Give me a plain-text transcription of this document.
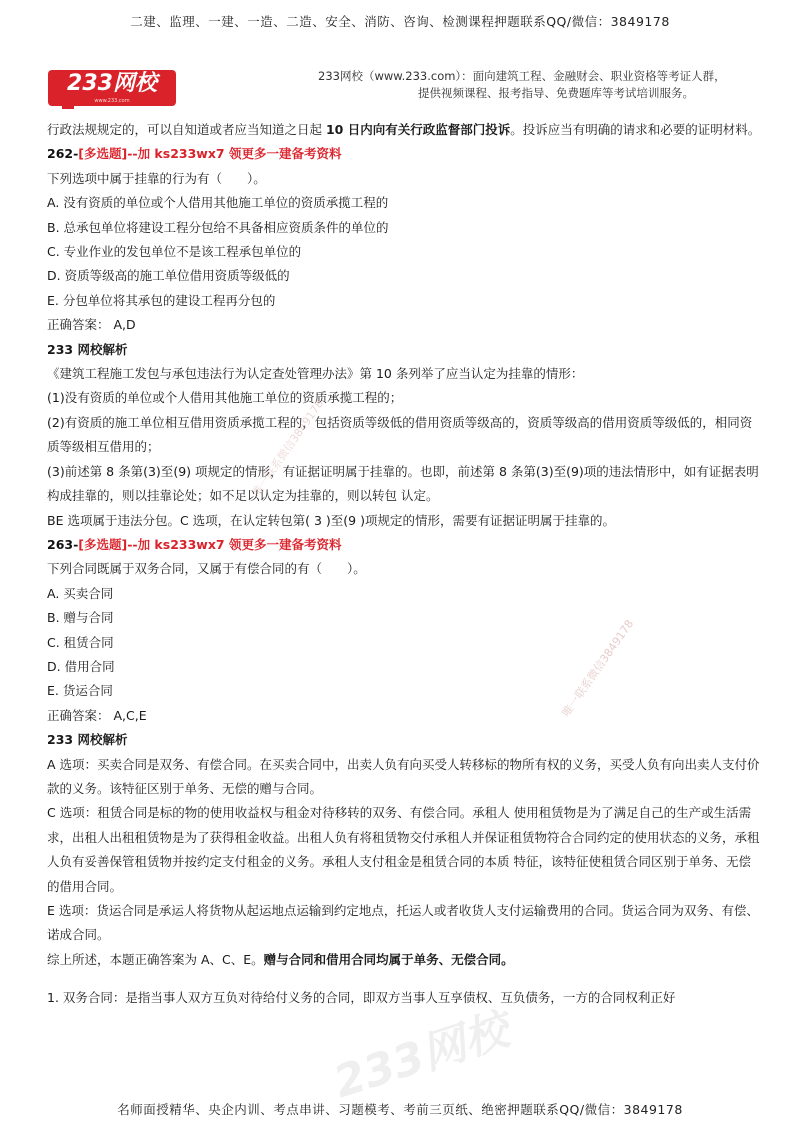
二建、监理、一建、一造、二造、安全、消防、咨询、检测课程押题联系QQ/微信：3849178
233网校
www.233.com
233网校（www.233.com）：面向建筑工程、金融财会、职业资格等考证人群，
提供视频课程、报考指导、免费题库等考试培训服务。

行政法规规定的，可以自知道或者应当知道之日起 10 日内向有关行政监督部门投诉。投诉应当有明确的请求和必要的证明材料。

262-[多选题]--加 ks233wx7 领更多一建备考资料

下列选项中属于挂靠的行为有（　　）。

A. 没有资质的单位或个人借用其他施工单位的资质承揽工程的

B. 总承包单位将建设工程分包给不具备相应资质条件的单位的

C. 专业作业的发包单位不是该工程承包单位的

D. 资质等级高的施工单位借用资质等级低的

E. 分包单位将其承包的建设工程再分包的

正确答案： A,D

233 网校解析

《建筑工程施工发包与承包违法行为认定查处管理办法》第 10 条列举了应当认定为挂靠的情形：

(1)没有资质的单位或个人借用其他施工单位的资质承揽工程的；

(2)有资质的施工单位相互借用资质承揽工程的，包括资质等级低的借用资质等级高的，资质等级高的借用资质等级低的，相同资质等级相互借用的；

(3)前述第 8 条第(3)至(9) 项规定的情形，有证据证明属于挂靠的。也即，前述第 8 条第(3)至(9)项的违法情形中，如有证据表明构成挂靠的，则以挂靠论处；如不足以认定为挂靠的，则以转包 认定。

BE 选项属于违法分包。C 选项，在认定转包第( 3 )至(9 )项规定的情形，需要有证据证明属于挂靠的。

263-[多选题]--加 ks233wx7 领更多一建备考资料

下列合同既属于双务合同，又属于有偿合同的有（　　）。

A. 买卖合同

B. 赠与合同

C. 租赁合同

D. 借用合同

E. 货运合同

正确答案： A,C,E

233 网校解析

A 选项：买卖合同是双务、有偿合同。在买卖合同中，出卖人负有向买受人转移标的物所有权的义务，买受人负有向出卖人支付价款的义务。该特征区别于单务、无偿的赠与合同。

C 选项：租赁合同是标的物的使用收益权与租金对待移转的双务、有偿合同。承租人 使用租赁物是为了满足自己的生产或生活需求，出租人出租租赁物是为了获得租金收益。出租人负有将租赁物交付承租人并保证租赁物符合合同约定的使用状态的义务，承租人负有妥善保管租赁物并按约定支付租金的义务。承租人支付租金是租赁合同的本质 特征，该特征使租赁合同区别于单务、无偿的借用合同。

E 选项：货运合同是承运人将货物从起运地点运输到约定地点，托运人或者收货人支付运输费用的合同。货运合同为双务、有偿、诺成合同。

综上所述，本题正确答案为 A、C、E。赠与合同和借用合同均属于单务、无偿合同。

1. 双务合同：是指当事人双方互负对待给付义务的合同，即双方当事人互享债权、互负债务，一方的合同权利正好

唯一联系微信3849178
唯一联系微信3849178
233网校
名师面授精华、央企内训、考点串讲、习题模考、考前三页纸、绝密押题联系QQ/微信：3849178
